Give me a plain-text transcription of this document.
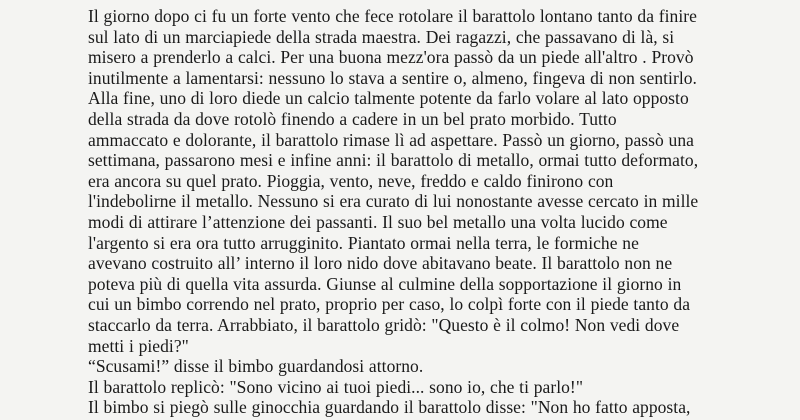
Il giorno dopo ci fu un forte vento che fece rotolare il barattolo lontano tanto da finire
sul lato di un marciapiede della strada maestra. Dei ragazzi, che passavano di là, si
misero a prenderlo a calci. Per una buona mezz'ora passò da un piede all'altro . Provò
inutilmente a lamentarsi: nessuno lo stava a sentire o, almeno, fingeva di non sentirlo.
Alla fine, uno di loro diede un calcio talmente potente da farlo volare al lato opposto
della strada da dove rotolò finendo a cadere in un bel prato morbido. Tutto
ammaccato e dolorante, il barattolo rimase lì ad aspettare. Passò un giorno, passò una
settimana, passarono mesi e infine anni: il barattolo di metallo, ormai tutto deformato,
era ancora su quel prato. Pioggia, vento, neve, freddo e caldo finirono con
l'indebolirne il metallo. Nessuno si era curato di lui nonostante avesse cercato in mille
modi di attirare l’attenzione dei passanti. Il suo bel metallo una volta lucido come
l'argento si era ora tutto arrugginito. Piantato ormai nella terra, le formiche ne
avevano costruito all’ interno il loro nido dove abitavano beate. Il barattolo non ne
poteva più di quella vita assurda. Giunse al culmine della sopportazione il giorno in
cui un bimbo correndo nel prato, proprio per caso, lo colpì forte con il piede tanto da
staccarlo da terra. Arrabbiato, il barattolo gridò: "Questo è il colmo! Non vedi dove
metti i piedi?"
“Scusami!” disse il bimbo guardandosi attorno.
Il barattolo replicò: "Sono vicino ai tuoi piedi... sono io, che ti parlo!"
Il bimbo si piegò sulle ginocchia guardando il barattolo disse: "Non ho fatto apposta,
